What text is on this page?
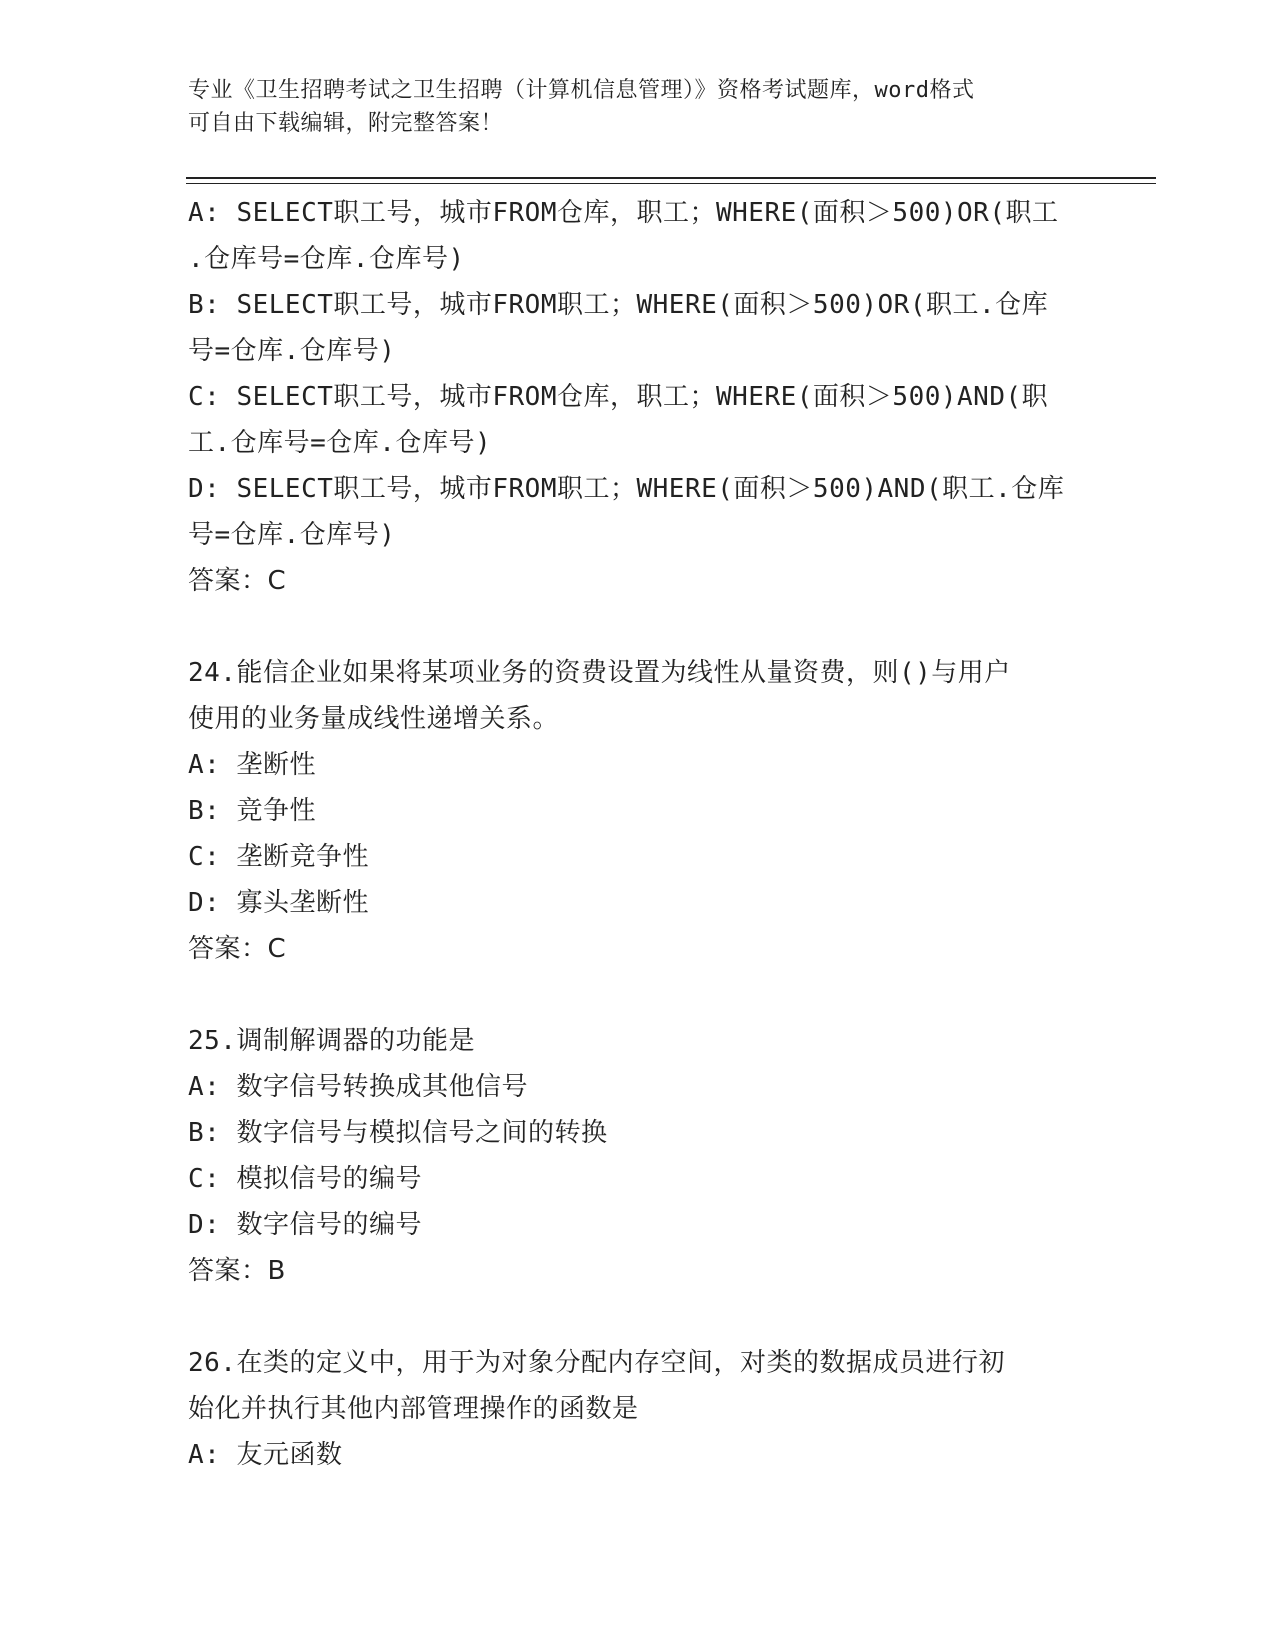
专业《卫生招聘考试之卫生招聘（计算机信息管理）》资格考试题库，word格式
可自由下载编辑，附完整答案！
A: SELECT职工号，城市FROM仓库，职工；WHERE(面积＞500)OR(职工
.仓库号=仓库.仓库号)
B: SELECT职工号，城市FROM职工；WHERE(面积＞500)OR(职工.仓库
号=仓库.仓库号)
C: SELECT职工号，城市FROM仓库，职工；WHERE(面积＞500)AND(职
工.仓库号=仓库.仓库号)
D: SELECT职工号，城市FROM职工；WHERE(面积＞500)AND(职工.仓库
号=仓库.仓库号)
答案：C
24.能信企业如果将某项业务的资费设置为线性从量资费，则()与用户
使用的业务量成线性递增关系。
A: 垄断性
B: 竞争性
C: 垄断竞争性
D: 寡头垄断性
答案：C
25.调制解调器的功能是
A: 数字信号转换成其他信号
B: 数字信号与模拟信号之间的转换
C: 模拟信号的编号
D: 数字信号的编号
答案：B
26.在类的定义中，用于为对象分配内存空间，对类的数据成员进行初
始化并执行其他内部管理操作的函数是
A: 友元函数
